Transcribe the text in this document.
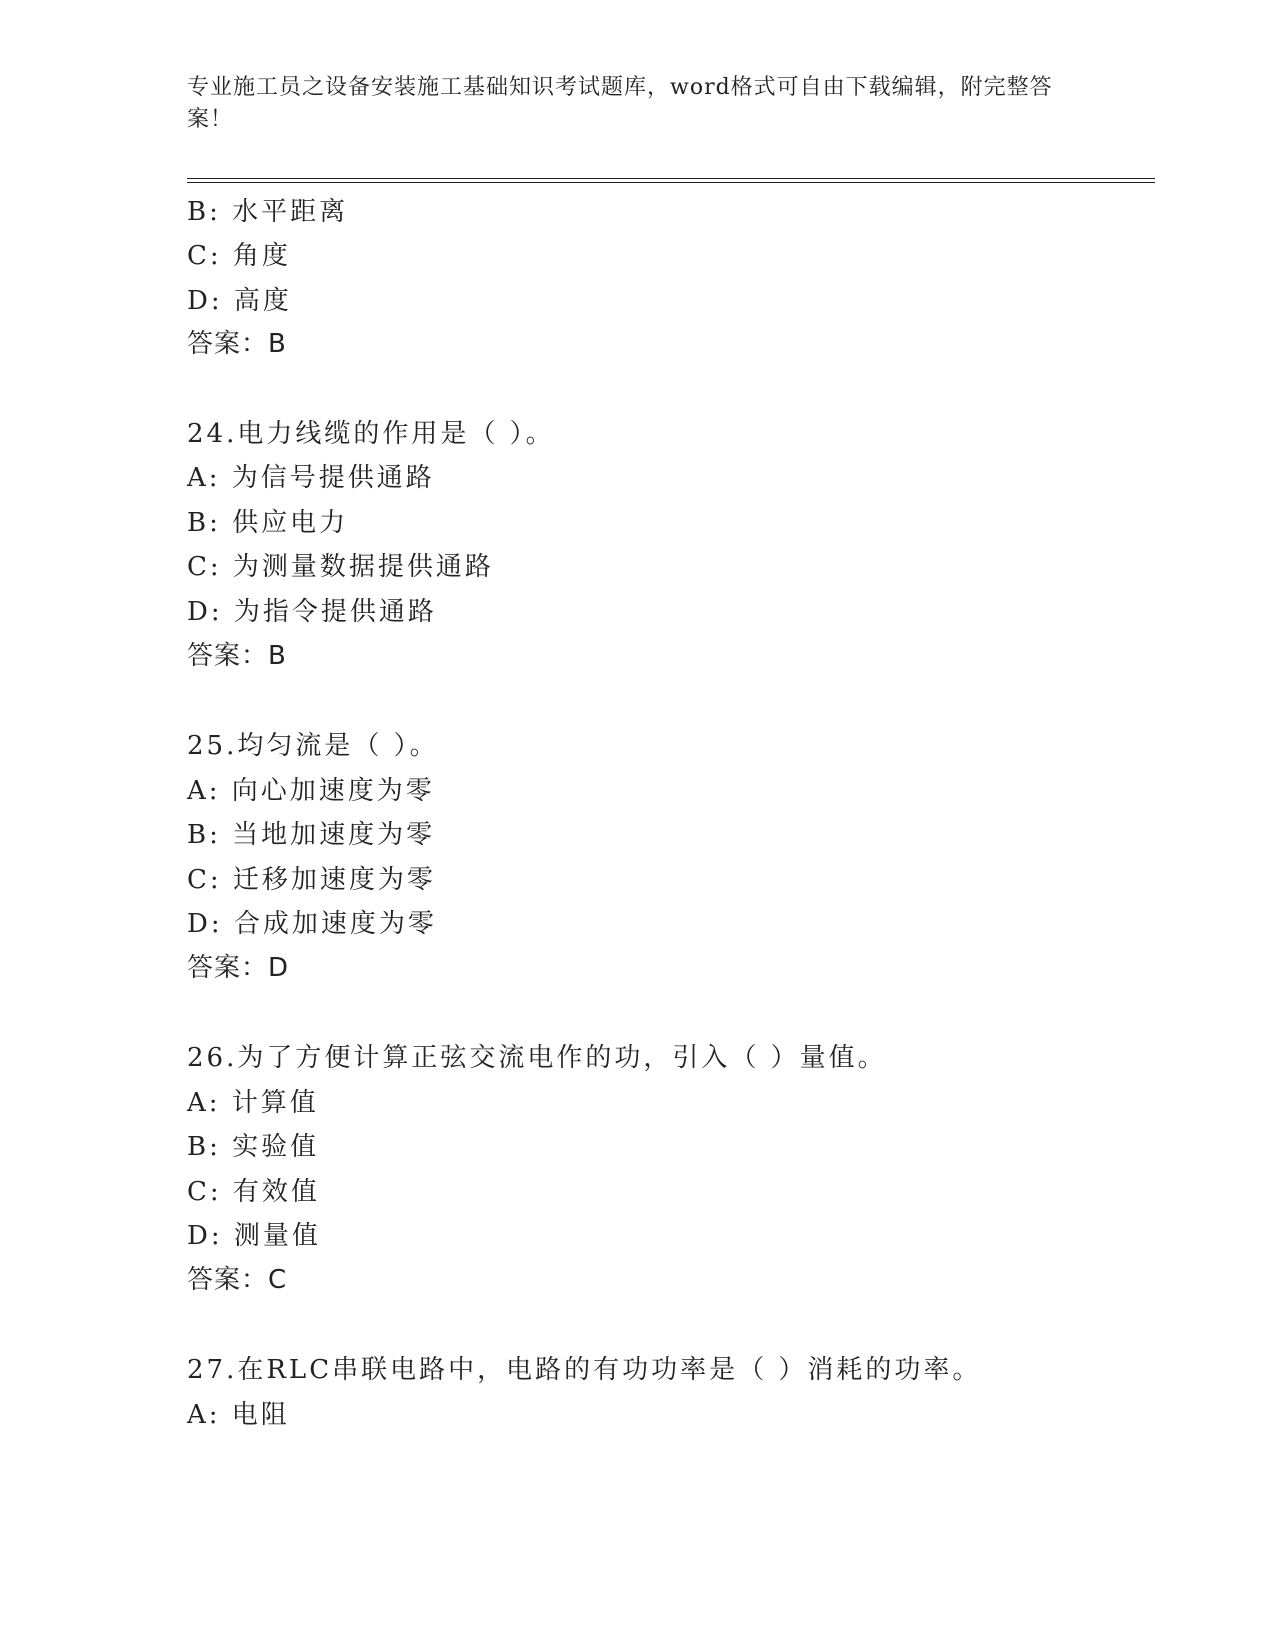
专业施工员之设备安装施工基础知识考试题库，word格式可自由下载编辑，附完整答案！
B: 水平距离
C: 角度
D: 高度
答案：B
24.电力线缆的作用是（ ）。
A: 为信号提供通路
B: 供应电力
C: 为测量数据提供通路
D: 为指令提供通路
答案：B
25.均匀流是（ ）。
A: 向心加速度为零
B: 当地加速度为零
C: 迁移加速度为零
D: 合成加速度为零
答案：D
26.为了方便计算正弦交流电作的功，引入（ ）量值。
A: 计算值
B: 实验值
C: 有效值
D: 测量值
答案：C
27.在RLC串联电路中，电路的有功功率是（ ）消耗的功率。
A: 电阻
